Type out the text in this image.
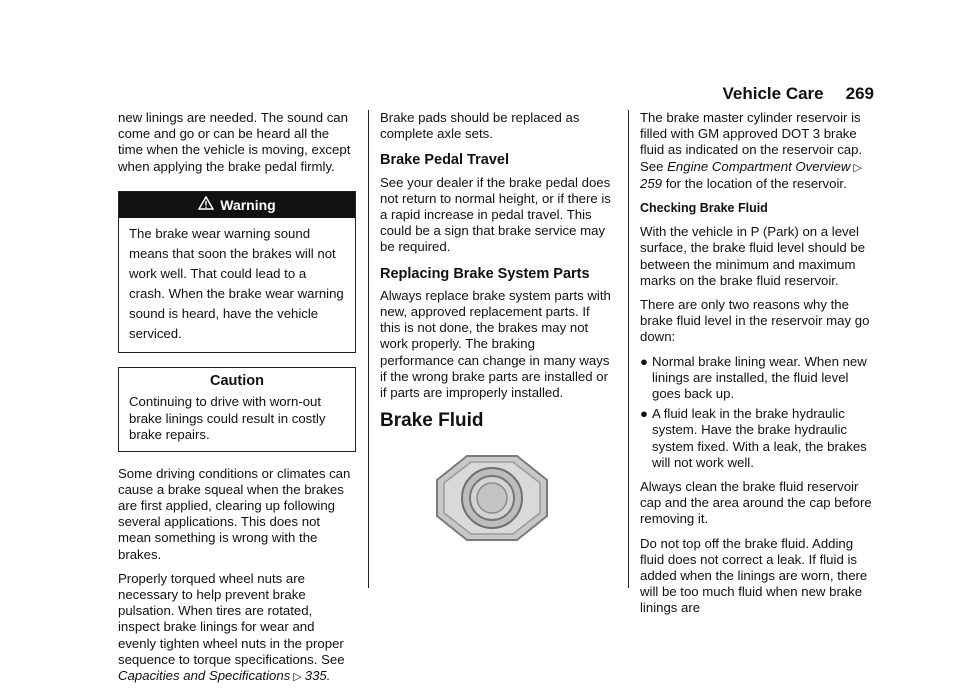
Vehicle Care 269

new linings are needed. The sound can come and go or can be heard all the time when the vehicle is moving, except when applying the brake pedal firmly.

Warning
The brake wear warning sound means that soon the brakes will not work well. That could lead to a crash. When the brake wear warning sound is heard, have the vehicle serviced.
Caution
Continuing to drive with worn-out brake linings could result in costly brake repairs.

Some driving conditions or climates can cause a brake squeal when the brakes are first applied, clearing up following several applications. This does not mean something is wrong with the brakes.

Properly torqued wheel nuts are necessary to help prevent brake pulsation. When tires are rotated, inspect brake linings for wear and evenly tighten wheel nuts in the proper sequence to torque specifications. See Capacities and Specifications ▷ 335.

Brake pads should be replaced as complete axle sets.

Brake Pedal Travel

See your dealer if the brake pedal does not return to normal height, or if there is a rapid increase in pedal travel. This could be a sign that brake service may be required.

Replacing Brake System Parts

Always replace brake system parts with new, approved replacement parts. If this is not done, the brakes may not work properly. The braking performance can change in many ways if the wrong brake parts are installed or if parts are improperly installed.

Brake Fluid

The brake master cylinder reservoir is filled with GM approved DOT 3 brake fluid as indicated on the reservoir cap. See Engine Compartment Overview ▷259 for the location of the reservoir.

Checking Brake Fluid

With the vehicle in P (Park) on a level surface, the brake fluid level should be between the minimum and maximum marks on the brake fluid reservoir.

There are only two reasons why the brake fluid level in the reservoir may go down:

● Normal brake lining wear. When new linings are installed, the fluid level goes back up.
● A fluid leak in the brake hydraulic system. Have the brake hydraulic system fixed. With a leak, the brakes will not work well.

Always clean the brake fluid reservoir cap and the area around the cap before removing it.

Do not top off the brake fluid. Adding fluid does not correct a leak. If fluid is added when the linings are worn, there will be too much fluid when new brake linings are
